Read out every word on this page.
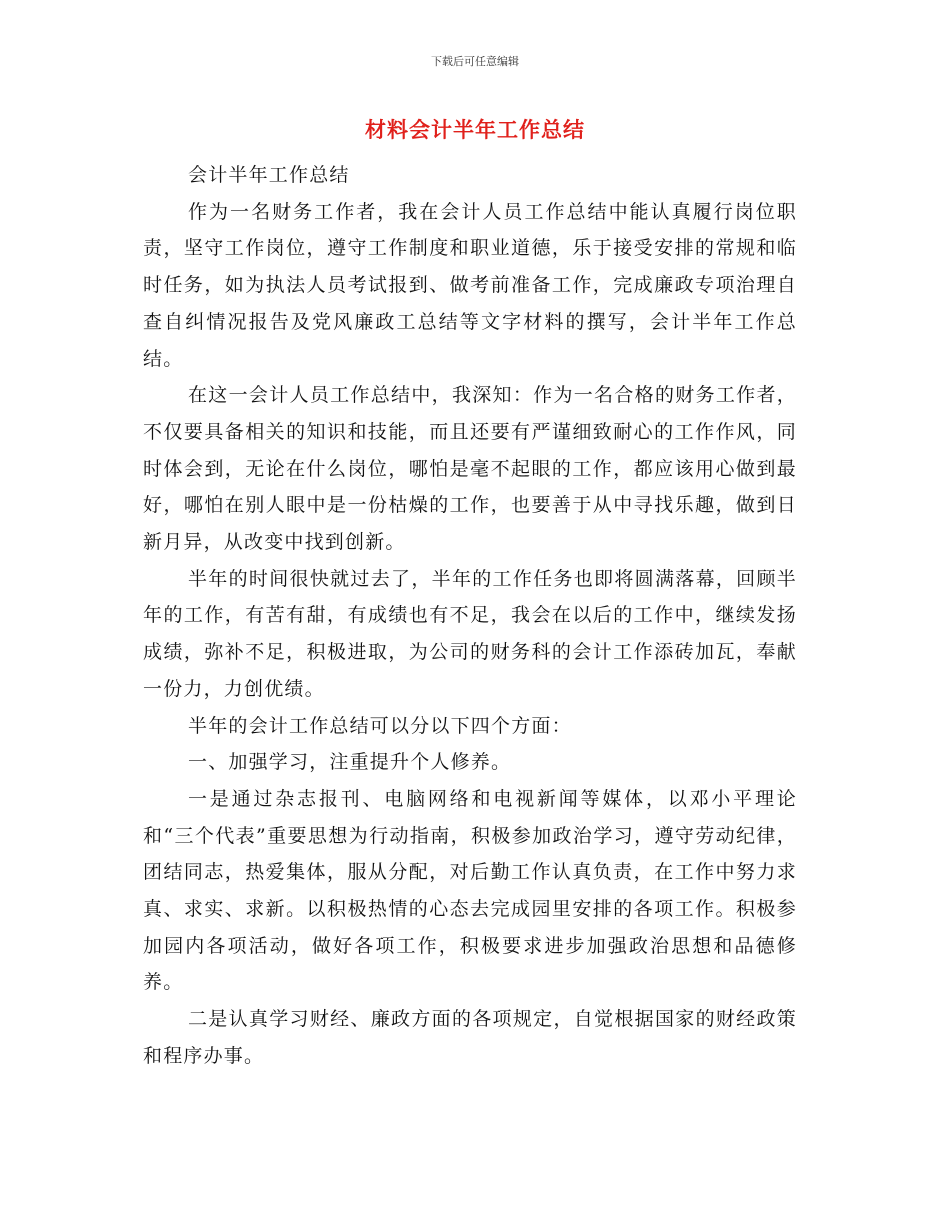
下载后可任意编辑
材料会计半年工作总结

会计半年工作总结

作为一名财务工作者，我在会计人员工作总结中能认真履行岗位职责，坚守工作岗位，遵守工作制度和职业道德，乐于接受安排的常规和临时任务，如为执法人员考试报到、做考前准备工作，完成廉政专项治理自查自纠情况报告及党风廉政工总结等文字材料的撰写，会计半年工作总结。

在这一会计人员工作总结中，我深知：作为一名合格的财务工作者，不仅要具备相关的知识和技能，而且还要有严谨细致耐心的工作作风，同时体会到，无论在什么岗位，哪怕是毫不起眼的工作，都应该用心做到最好，哪怕在别人眼中是一份枯燥的工作，也要善于从中寻找乐趣，做到日新月异，从改变中找到创新。

半年的时间很快就过去了，半年的工作任务也即将圆满落幕，回顾半年的工作，有苦有甜，有成绩也有不足，我会在以后的工作中，继续发扬成绩，弥补不足，积极进取，为公司的财务科的会计工作添砖加瓦，奉献一份力，力创优绩。

半年的会计工作总结可以分以下四个方面：

一、加强学习，注重提升个人修养。

一是通过杂志报刊、电脑网络和电视新闻等媒体，以邓小平理论和“三个代表”重要思想为行动指南，积极参加政治学习，遵守劳动纪律，团结同志，热爱集体，服从分配，对后勤工作认真负责，在工作中努力求真、求实、求新。以积极热情的心态去完成园里安排的各项工作。积极参加园内各项活动，做好各项工作，积极要求进步加强政治思想和品德修养。

二是认真学习财经、廉政方面的各项规定，自觉根据国家的财经政策和程序办事。
